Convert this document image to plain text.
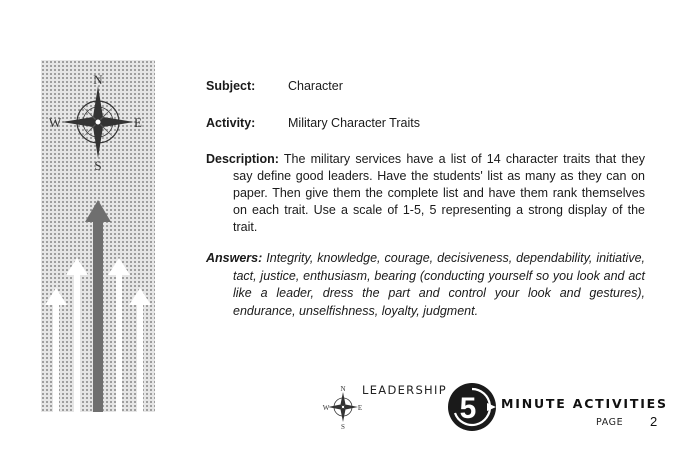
N
S
W	E
Subject:	Character
Activity:	Military Character Traits
Description: The military services have a list of 14 character traits that they say define good leaders. Have the students' list as many as they can on paper. Then give them the complete list and have them rank themselves on each trait. Use a scale of 1-5, 5 representing a strong display of the trait.
Answers: Integrity, knowledge, courage, decisiveness, dependability, initiative, tact, justice, enthusiasm, bearing (conducting yourself so you look and act like a leader, dress the part and control your look and gestures), endurance, unselfishness, loyalty, judgment.
N
S
W	E
LEADERSHIP
5 MINUTE ACTIVITIES
PAGE 2
